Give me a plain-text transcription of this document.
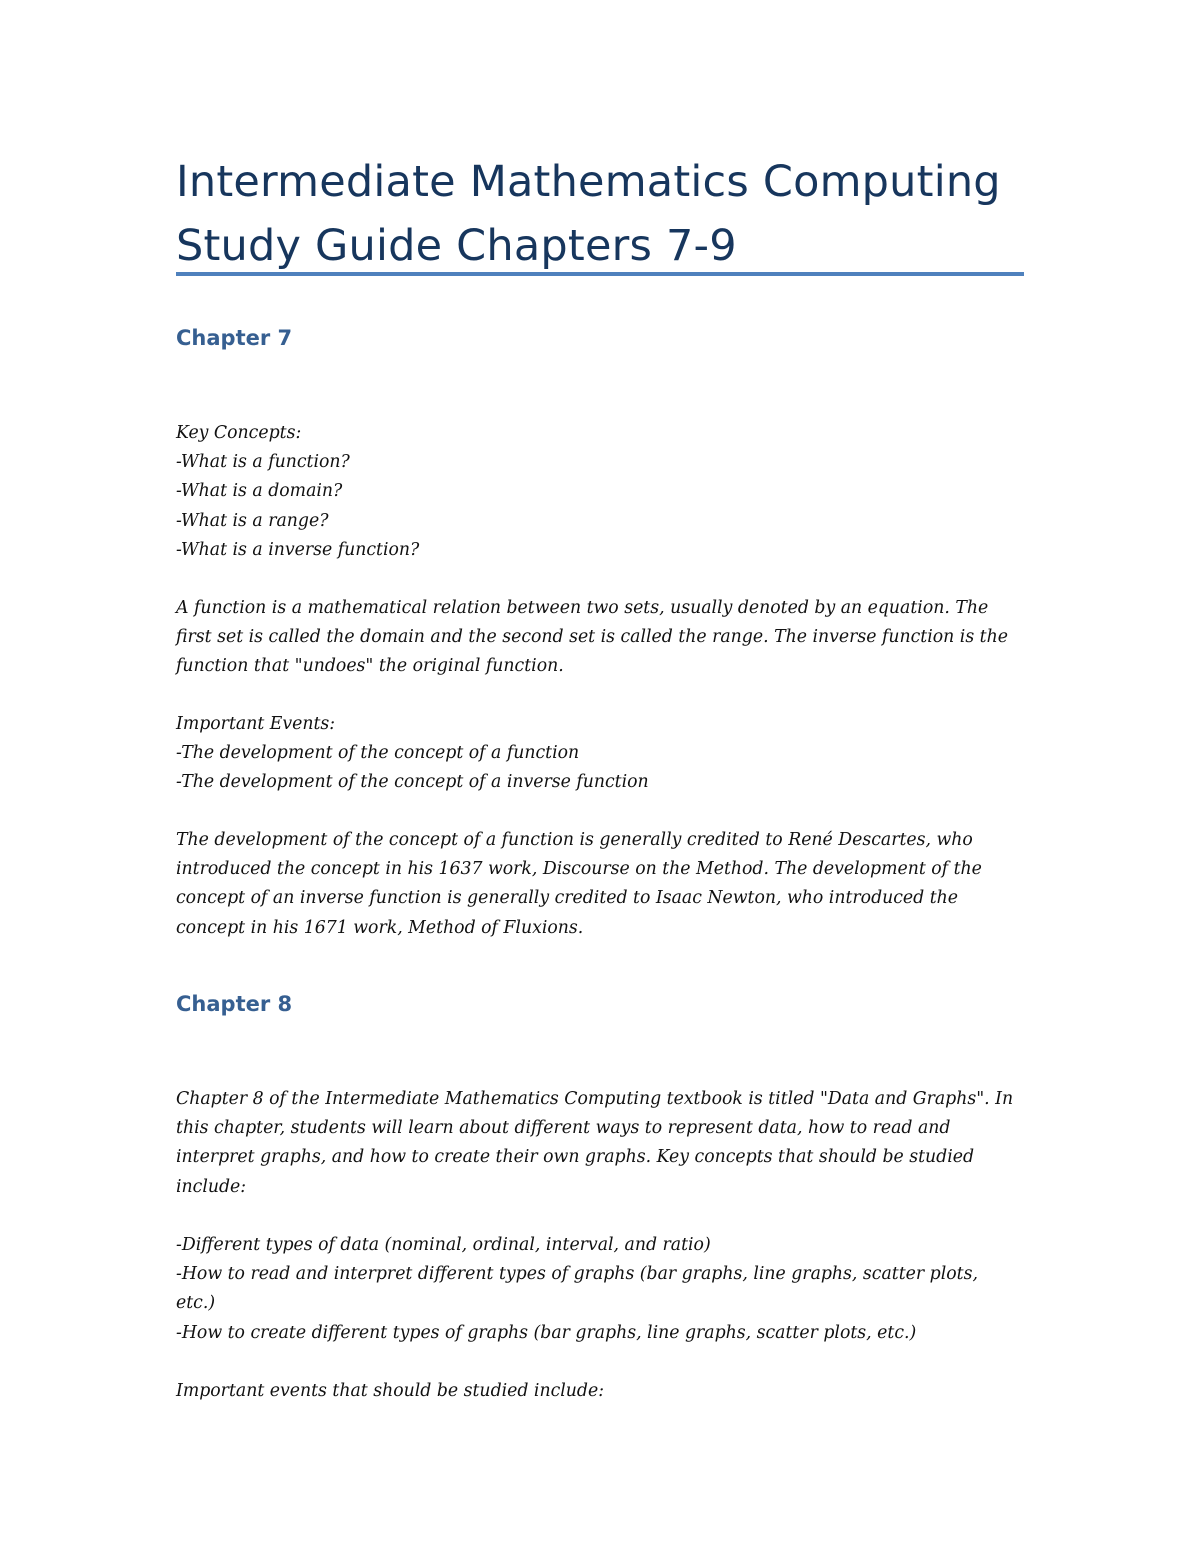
Intermediate Mathematics Computing
Study Guide Chapters 7-9
Chapter 7
Key Concepts:
-What is a function?
-What is a domain?
-What is a range?
-What is a inverse function?
A function is a mathematical relation between two sets, usually denoted by an equation. The
first set is called the domain and the second set is called the range. The inverse function is the
function that "undoes" the original function.
Important Events:
-The development of the concept of a function
-The development of the concept of a inverse function
The development of the concept of a function is generally credited to René Descartes, who
introduced the concept in his 1637 work, Discourse on the Method. The development of the
concept of an inverse function is generally credited to Isaac Newton, who introduced the
concept in his 1671 work, Method of Fluxions.
Chapter 8
Chapter 8 of the Intermediate Mathematics Computing textbook is titled "Data and Graphs". In
this chapter, students will learn about different ways to represent data, how to read and
interpret graphs, and how to create their own graphs. Key concepts that should be studied
include:
-Different types of data (nominal, ordinal, interval, and ratio)
-How to read and interpret different types of graphs (bar graphs, line graphs, scatter plots,
etc.)
-How to create different types of graphs (bar graphs, line graphs, scatter plots, etc.)
Important events that should be studied include:
